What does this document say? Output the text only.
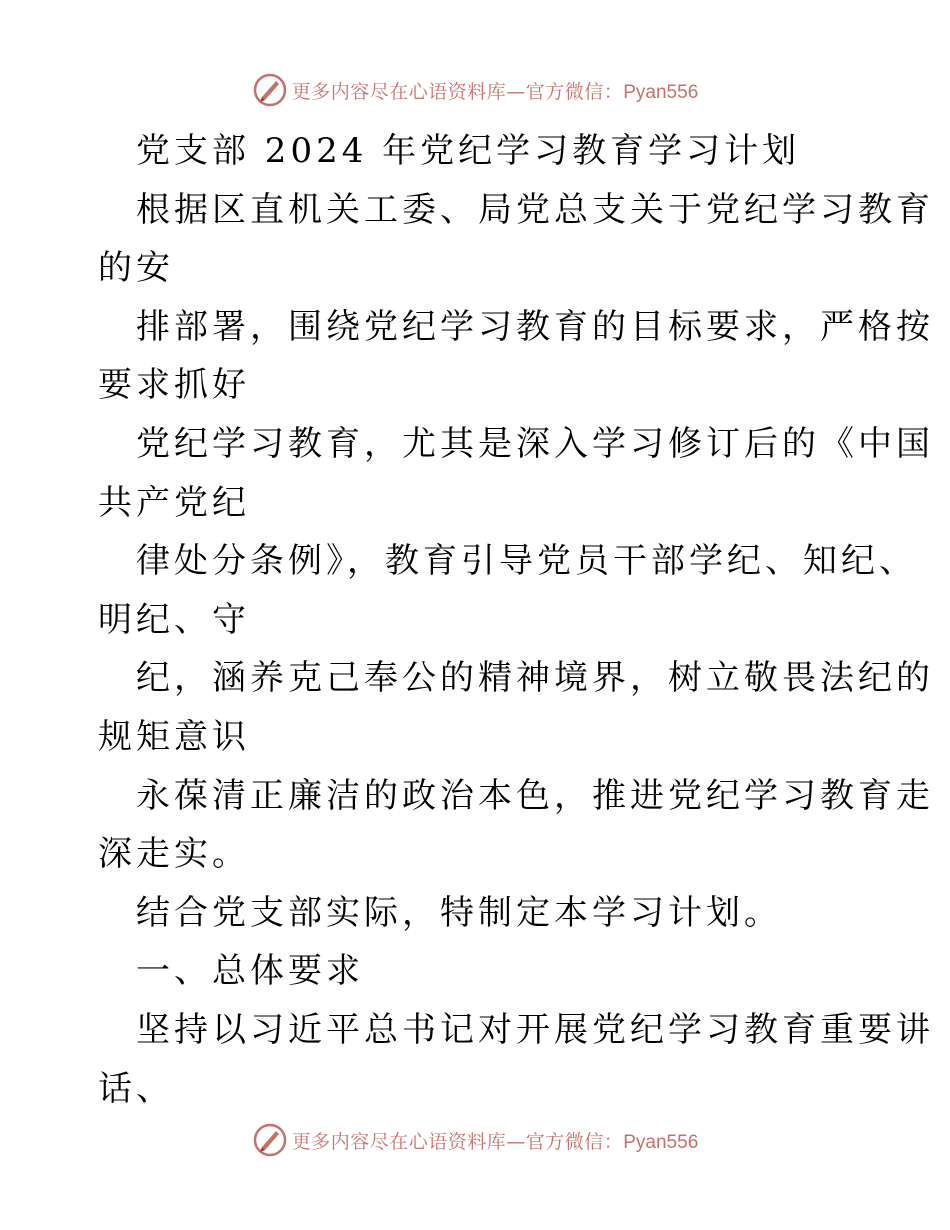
更多内容尽在心语资料库—官方微信：Pyan556
党支部 2024 年党纪学习教育学习计划
根据区直机关工委、局党总支关于党纪学习教育
的安
排部署，围绕党纪学习教育的目标要求，严格按
要求抓好
党纪学习教育，尤其是深入学习修订后的《中国
共产党纪
律处分条例》，教育引导党员干部学纪、知纪、
明纪、守
纪，涵养克己奉公的精神境界，树立敬畏法纪的
规矩意识
永葆清正廉洁的政治本色，推进党纪学习教育走
深走实。
结合党支部实际，特制定本学习计划。
一、总体要求
坚持以习近平总书记对开展党纪学习教育重要讲
话、
更多内容尽在心语资料库—官方微信：Pyan556
